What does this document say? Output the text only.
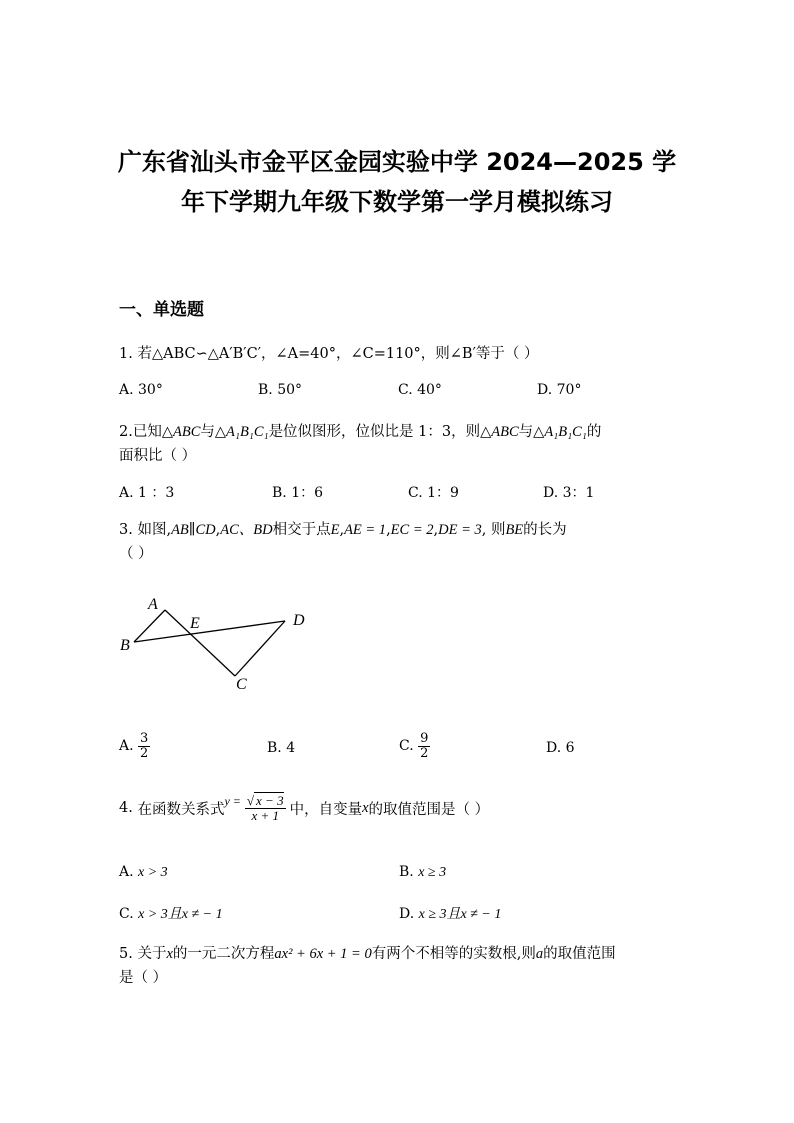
广东省汕头市金平区金园实验中学 2024—2025 学
年下学期九年级下数学第一学月模拟练习
一、单选题
1. 若△ABC∽△A′B′C′，∠A=40°，∠C=110°，则∠B′等于（ ）
A. 30°	B. 50°	C. 40°	D. 70°
2.已知△ABC与△A₁B₁C₁是位似图形，位似比是 1：3，则△ABC与△A₁B₁C₁的
面积比（ ）
A. 1 ：3	B. 1：6	C. 1：9	D. 3：1
3. 如图,AB∥CD,AC、BD相交于点E,AE = 1,EC = 2,DE = 3, 则BE的长为
（ ）
A
E	D
B
C
A. $\frac{3}{2}$	B. 4	C. $\frac{9}{2}$	D. 6
4.
在函数关系式
$y = \frac{√ x - 3}{x + 1}$ 中，自变量 x 的取值范围是（ ）
A. x > 3	B. x ≥ 3
C. x > 3且x ≠ − 1	D. x ≥ 3且x ≠ − 1
5. 关于x的一元二次方程ax² + 6x + 1 = 0有两个不相等的实数根,则a的取值范围
是（ ）
